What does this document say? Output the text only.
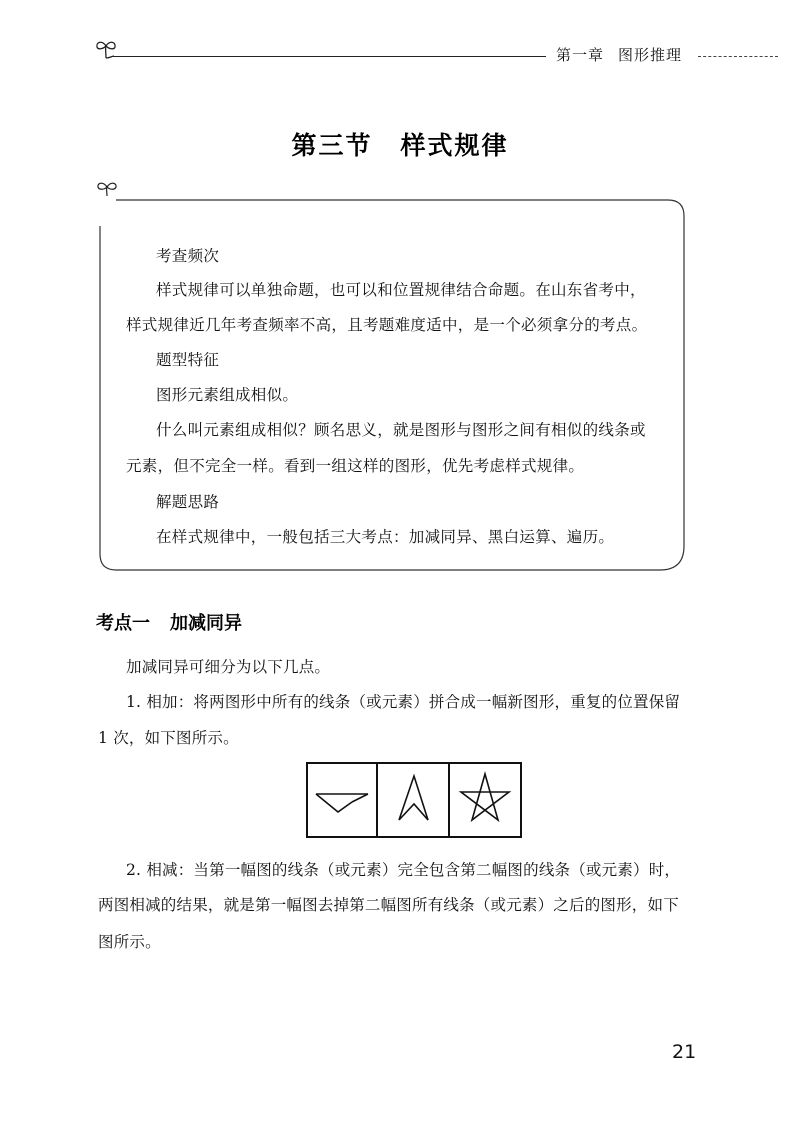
第一章 图形推理
第三节 样式规律
考查频次
样式规律可以单独命题，也可以和位置规律结合命题。在山东省考中，
样式规律近几年考查频率不高，且考题难度适中，是一个必须拿分的考点。
题型特征
图形元素组成相似。
什么叫元素组成相似？顾名思义，就是图形与图形之间有相似的线条或
元素，但不完全一样。看到一组这样的图形，优先考虑样式规律。
解题思路
在样式规律中，一般包括三大考点：加减同异、黑白运算、遍历。
考点一 加减同异
加减同异可细分为以下几点。
1. 相加：将两图形中所有的线条（或元素）拼合成一幅新图形，重复的位置保留
1 次，如下图所示。
2. 相减：当第一幅图的线条（或元素）完全包含第二幅图的线条（或元素）时，
两图相减的结果，就是第一幅图去掉第二幅图所有线条（或元素）之后的图形，如下
图所示。
21
